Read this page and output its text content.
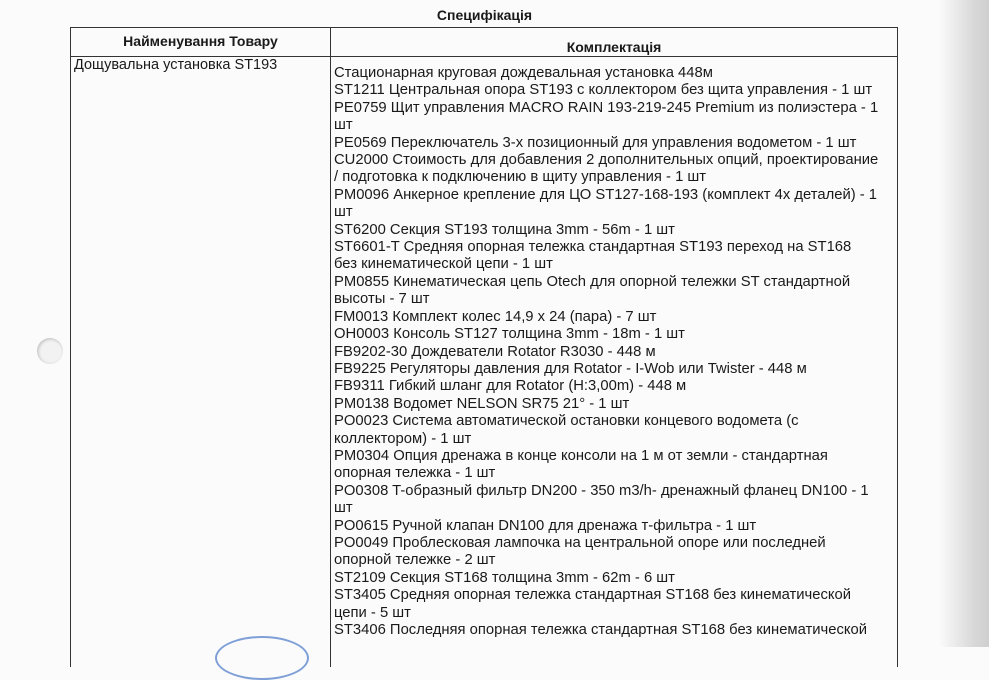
Специфікація
Найменування Товару	Комплектація
Дощувальна установка ST193	Стационарная круговая дождевальная установка 448м
ST1211 Центральная опора ST193 с коллектором без щита управления - 1 шт
PE0759 Щит управления MACRO RAIN 193-219-245 Premium из полиэстера - 1
шт
PE0569 Переключатель 3-х позиционный для управления водометом - 1 шт
CU2000 Стоимость для добавления 2 дополнительных опций, проектирование
/ подготовка к подключению в щиту управления - 1 шт
PM0096 Анкерное крепление для ЦО ST127-168-193 (комплект 4х деталей) - 1
шт
ST6200 Секция ST193 толщина 3mm - 56m - 1 шт
ST6601-T Средняя опорная тележка стандартная ST193 переход на ST168
без кинематической цепи - 1 шт
PM0855 Кинематическая цепь Otech для опорной тележки ST стандартной
высоты - 7 шт
FM0013 Комплект колес 14,9 x 24 (пара) - 7 шт
OH0003 Консоль ST127 толщина 3mm - 18m - 1 шт
FB9202-30 Дождеватели Rotator R3030 - 448 м
FB9225 Регуляторы давления для Rotator - I-Wob или Twister - 448 м
FB9311 Гибкий шланг для Rotator (H:3,00m) - 448 м
PM0138 Водомет NELSON SR75 21° - 1 шт
PO0023 Система автоматической остановки концевого водомета (с
коллектором) - 1 шт
PM0304 Опция дренажа в конце консоли на 1 м от земли - стандартная
опорная тележка - 1 шт
PO0308 T-образный фильтр DN200 - 350 m3/h- дренажный фланец DN100 - 1
шт
PO0615 Ручной клапан DN100 для дренажа т-фильтра - 1 шт
PO0049 Проблесковая лампочка на центральной опоре или последней
опорной тележке - 2 шт
ST2109 Секция ST168 толщина 3mm - 62m - 6 шт
ST3405 Средняя опорная тележка стандартная ST168 без кинематической
цепи - 5 шт
ST3406 Последняя опорная тележка стандартная ST168 без кинематической
